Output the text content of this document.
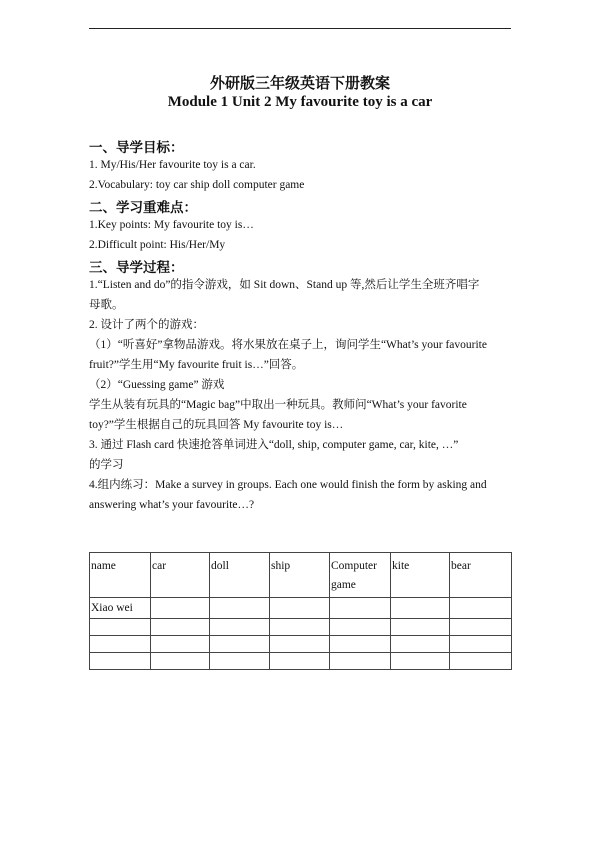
外研版三年级英语下册教案
Module 1 Unit 2 My favourite toy is a car
一、导学目标：
1. My/His/Her favourite toy is a car.
2.Vocabulary: toy car ship doll computer game
二、学习重难点：
1.Key points: My favourite toy is…
2.Difficult point: His/Her/My
三、导学过程：
1.“Listen and do”的指令游戏，如 Sit down、Stand up 等,然后让学生全班齐唱字
母歌。
2. 设计了两个的游戏：
（1）“听喜好”拿物品游戏。将水果放在桌子上，询问学生“What’s your favourite
fruit?”学生用“My favourite fruit is…”回答。
（2）“Guessing game” 游戏
学生从装有玩具的“Magic bag”中取出一种玩具。教师问“What’s your favorite
toy?”学生根据自己的玩具回答 My favourite toy is…
3. 通过 Flash card 快速抢答单词进入“doll, ship, computer game, car, kite, …”
的学习
4.组内练习：Make a survey in groups. Each one would finish the form by asking and
answering what’s your favourite…?
name	car	doll	ship	Computer game	kite	bear
Xiao wei						
